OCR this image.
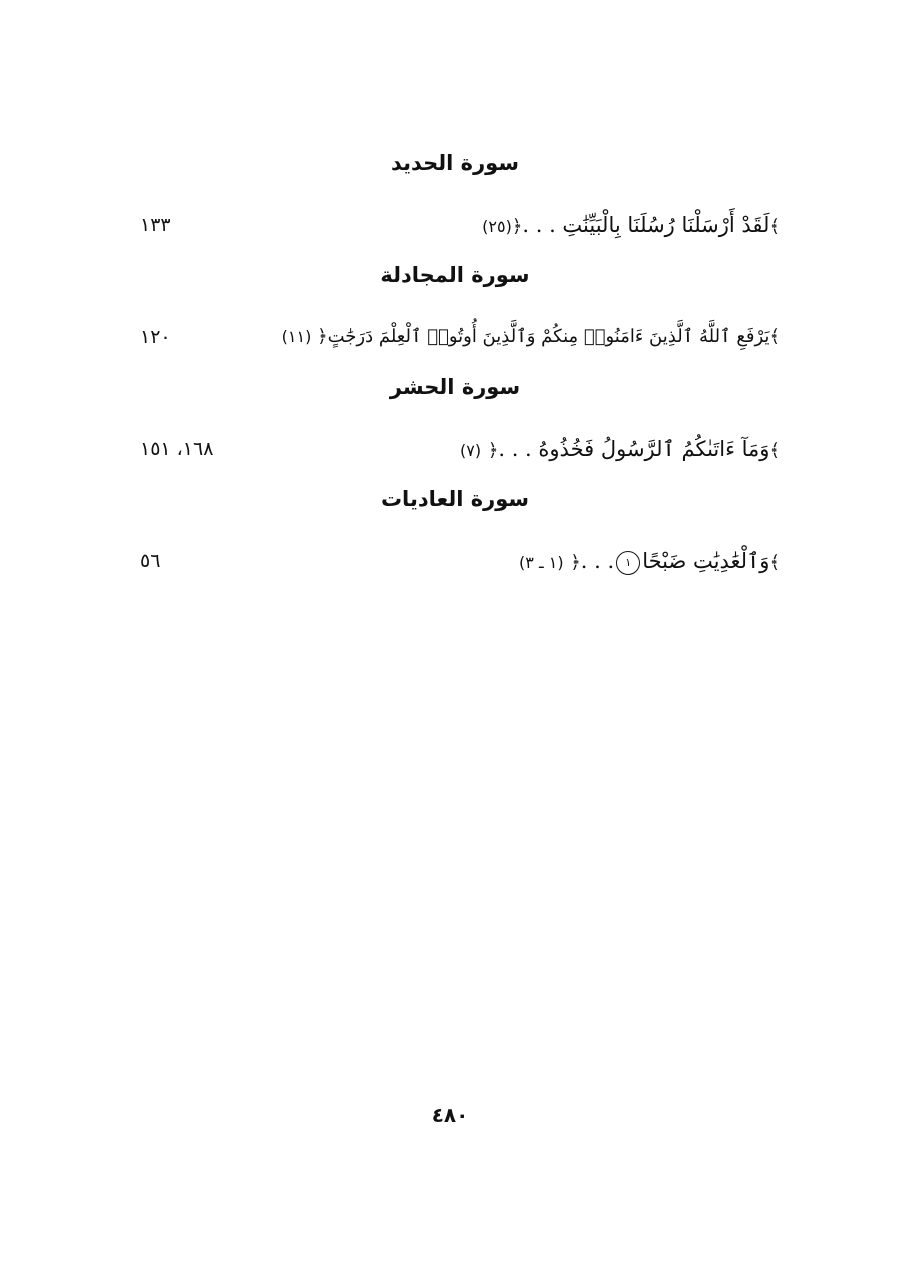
سورة الحديد
﴾لَقَدْ أَرْسَلْنَا رُسُلَنَا بِالْبَيِّنَٰتِ . . .﴿(٢٥)
١٣٣
سورة المجادلة
﴾يَرْفَعِ ٱللَّهُ ٱلَّذِينَ ءَامَنُوا۟ مِنكُمْ وَٱلَّذِينَ أُوتُوا۟ ٱلْعِلْمَ دَرَجَٰتٍ﴿ (١١)
١٢٠
سورة الحشر
﴾وَمَآ ءَاتَىٰكُمُ ٱلرَّسُولُ فَخُذُوهُ . . .﴿ (٧)
١٦٨، ١٥١
سورة العاديات
﴾وَٱلْعَٰدِيَٰتِ ضَبْحًا١. . .﴿ (١ ـ ٣)
٥٦
٤٨٠
